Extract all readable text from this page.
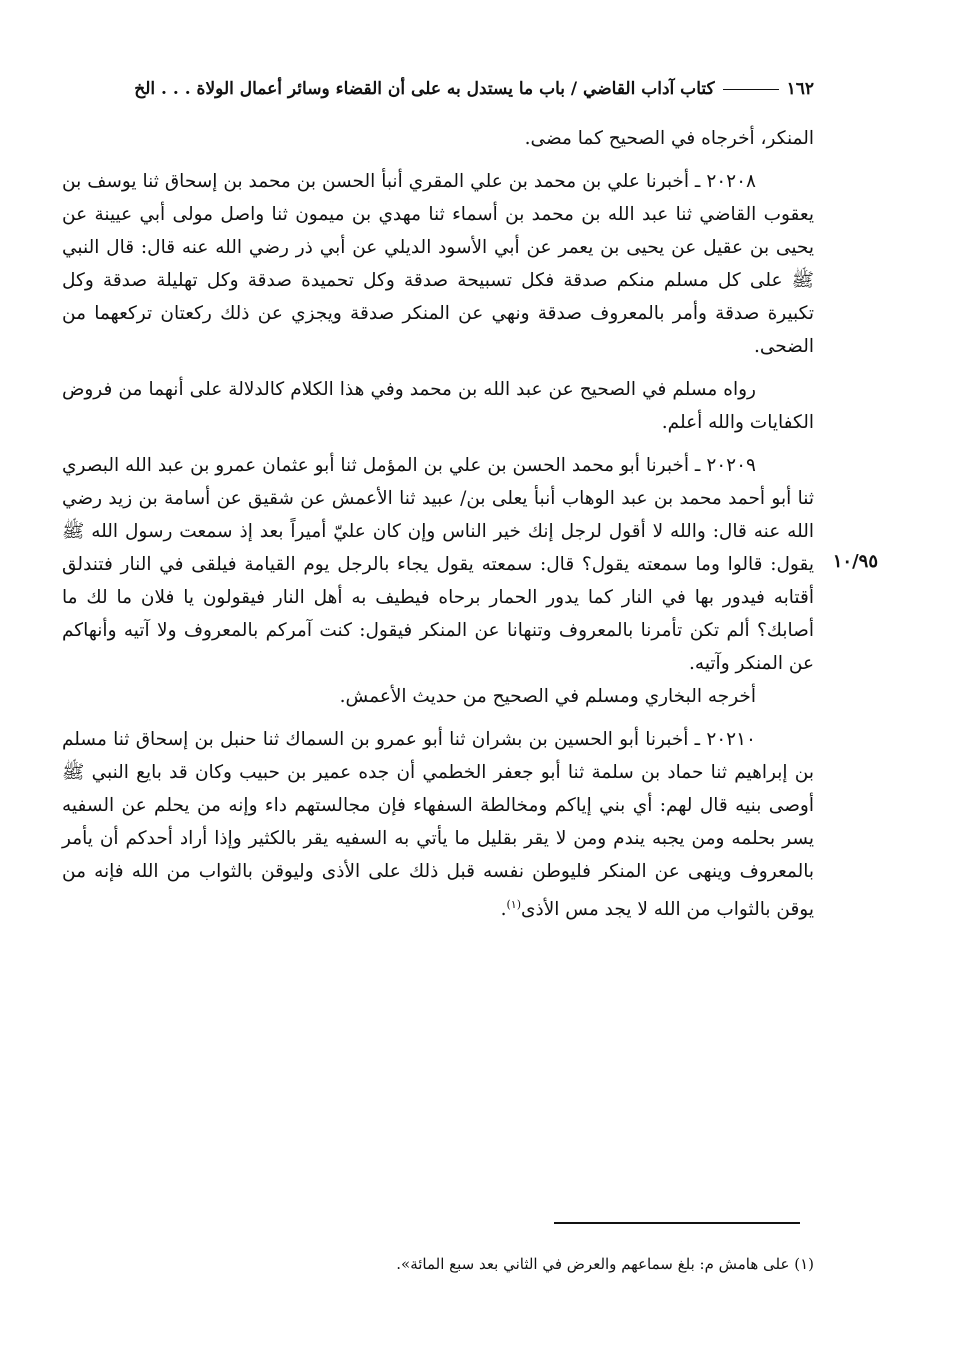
١٦٢
كتاب آداب القاضي / باب ما يستدل به على أن القضاء وسائر أعمال الولاة . . . الخ
١٠/٩٥

المنكر، أخرجاه في الصحيح كما مضى.

٢٠٢٠٨ ـ أخبرنا علي بن محمد بن علي المقري أنبأ الحسن بن محمد بن إسحاق ثنا يوسف بن يعقوب القاضي ثنا عبد الله بن محمد بن أسماء ثنا مهدي بن ميمون ثنا واصل مولى أبي عيينة عن يحيى بن عقيل عن يحيى بن يعمر عن أبي الأسود الديلي عن أبي ذر رضي الله عنه قال: قال النبي ﷺ على كل مسلم منكم صدقة فكل تسبيحة صدقة وكل تحميدة صدقة وكل تهليلة صدقة وكل تكبيرة صدقة وأمر بالمعروف صدقة ونهي عن المنكر صدقة ويجزي عن ذلك ركعتان تركعهما من الضحى.

رواه مسلم في الصحيح عن عبد الله بن محمد وفي هذا الكلام كالدلالة على أنهما من فروض الكفايات والله أعلم.

٢٠٢٠٩ ـ أخبرنا أبو محمد الحسن بن علي بن المؤمل ثنا أبو عثمان عمرو بن عبد الله البصري ثنا أبو أحمد محمد بن عبد الوهاب أنبأ يعلى بن/ عبيد ثنا الأعمش عن شقيق عن أسامة بن زيد رضي الله عنه قال: والله لا أقول لرجل إنك خير الناس وإن كان عليّ أميراً بعد إذ سمعت رسول الله ﷺ يقول: قالوا وما سمعته يقول؟ قال: سمعته يقول يجاء بالرجل يوم القيامة فيلقى في النار فتندلق أقتابه فيدور بها في النار كما يدور الحمار برحاه فيطيف به أهل النار فيقولون يا فلان ما لك ما أصابك؟ ألم تكن تأمرنا بالمعروف وتنهانا عن المنكر فيقول: كنت آمركم بالمعروف ولا آتيه وأنهاكم عن المنكر وآتيه.

أخرجه البخاري ومسلم في الصحيح من حديث الأعمش.

٢٠٢١٠ ـ أخبرنا أبو الحسين بن بشران ثنا أبو عمرو بن السماك ثنا حنبل بن إسحاق ثنا مسلم بن إبراهيم ثنا حماد بن سلمة ثنا أبو جعفر الخطمي أن جده عمير بن حبيب وكان قد بايع النبي ﷺ أوصى بنيه قال لهم: أي بني إياكم ومخالطة السفهاء فإن مجالستهم داء وإنه من يحلم عن السفيه يسر بحلمه ومن يجبه يندم ومن لا يقر بقليل ما يأتي به السفيه يقر بالكثير وإذا أراد أحدكم أن يأمر بالمعروف وينهى عن المنكر فليوطن نفسه قبل ذلك على الأذى وليوقن بالثواب من الله فإنه من يوقن بالثواب من الله لا يجد مس الأذى$^{(١)}$.

(١) على هامش م: بلغ سماعهم والعرض في الثاني بعد سبع المائة».
